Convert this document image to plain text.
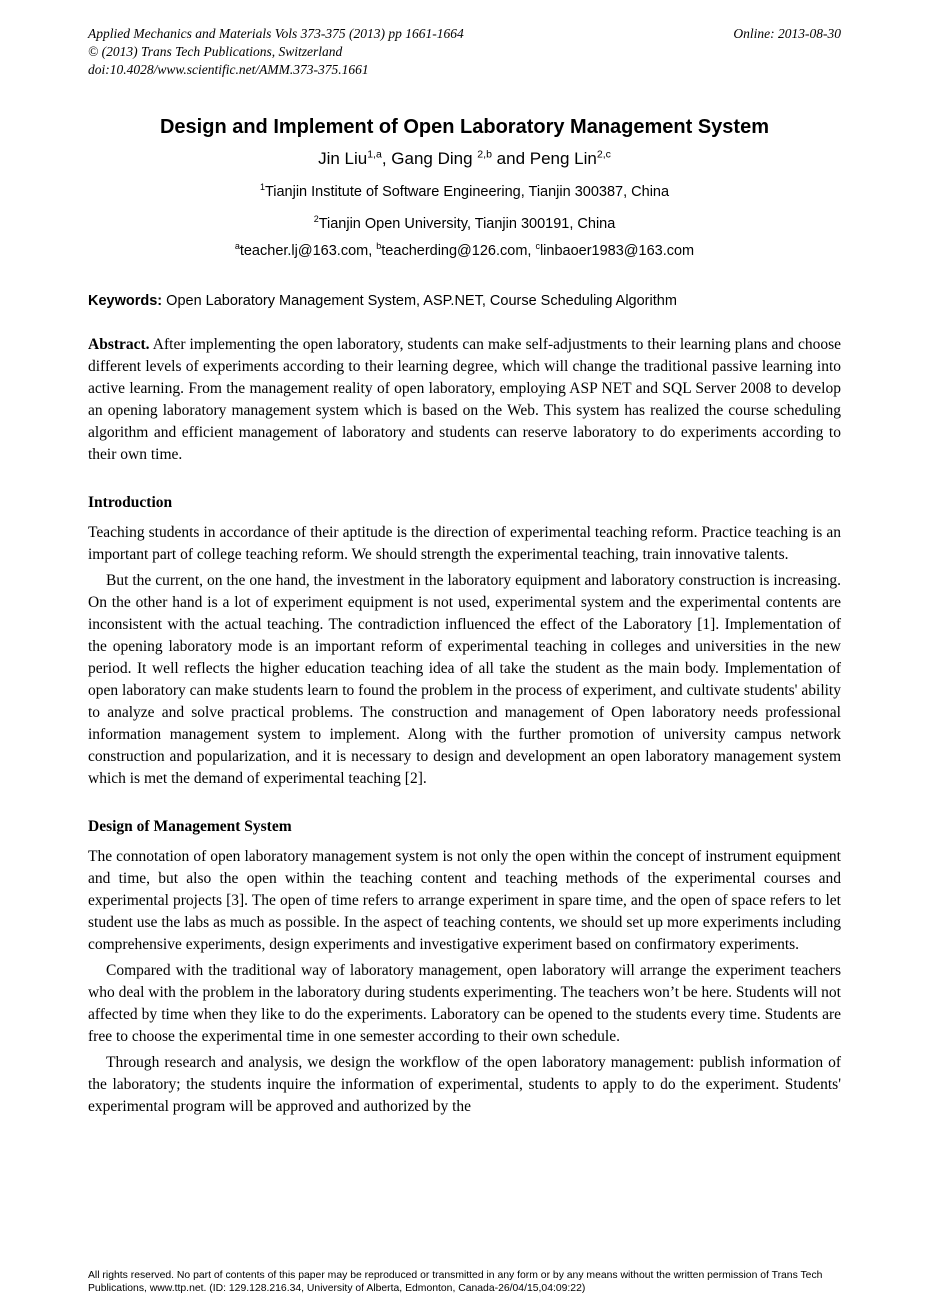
Applied Mechanics and Materials Vols 373-375 (2013) pp 1661-1664
© (2013) Trans Tech Publications, Switzerland
doi:10.4028/www.scientific.net/AMM.373-375.1661
Online: 2013-08-30
Design and Implement of Open Laboratory Management System
Jin Liu$^{1,a}$, Gang Ding $^{2,b}$ and Peng Lin$^{2,c}$
$^1$Tianjin Institute of Software Engineering, Tianjin 300387, China
$^2$Tianjin Open University, Tianjin 300191, China
$^a$teacher.lj@163.com, $^b$teacherding@126.com, $^c$linbaoer1983@163.com
Keywords: Open Laboratory Management System, ASP.NET, Course Scheduling Algorithm

Abstract. After implementing the open laboratory, students can make self-adjustments to their learning plans and choose different levels of experiments according to their learning degree, which will change the traditional passive learning into active learning. From the management reality of open laboratory, employing ASP NET and SQL Server 2008 to develop an opening laboratory management system which is based on the Web. This system has realized the course scheduling algorithm and efficient management of laboratory and students can reserve laboratory to do experiments according to their own time.

Introduction

Teaching students in accordance of their aptitude is the direction of experimental teaching reform. Practice teaching is an important part of college teaching reform. We should strength the experimental teaching, train innovative talents.

But the current, on the one hand, the investment in the laboratory equipment and laboratory construction is increasing. On the other hand is a lot of experiment equipment is not used, experimental system and the experimental contents are inconsistent with the actual teaching. The contradiction influenced the effect of the Laboratory [1]. Implementation of the opening laboratory mode is an important reform of experimental teaching in colleges and universities in the new period. It well reflects the higher education teaching idea of all take the student as the main body. Implementation of open laboratory can make students learn to found the problem in the process of experiment, and cultivate students' ability to analyze and solve practical problems. The construction and management of Open laboratory needs professional information management system to implement. Along with the further promotion of university campus network construction and popularization, and it is necessary to design and development an open laboratory management system which is met the demand of experimental teaching [2].

Design of Management System

The connotation of open laboratory management system is not only the open within the concept of instrument equipment and time, but also the open within the teaching content and teaching methods of the experimental courses and experimental projects [3]. The open of time refers to arrange experiment in spare time, and the open of space refers to let student use the labs as much as possible. In the aspect of teaching contents, we should set up more experiments including comprehensive experiments, design experiments and investigative experiment based on confirmatory experiments.

Compared with the traditional way of laboratory management, open laboratory will arrange the experiment teachers who deal with the problem in the laboratory during students experimenting. The teachers won’t be here. Students will not affected by time when they like to do the experiments. Laboratory can be opened to the students every time. Students are free to choose the experimental time in one semester according to their own schedule.

Through research and analysis, we design the workflow of the open laboratory management: publish information of the laboratory; the students inquire the information of experimental, students to apply to do the experiment. Students' experimental program will be approved and authorized by the

All rights reserved. No part of contents of this paper may be reproduced or transmitted in any form or by any means without the written permission of Trans Tech Publications, www.ttp.net. (ID: 129.128.216.34, University of Alberta, Edmonton, Canada-26/04/15,04:09:22)
